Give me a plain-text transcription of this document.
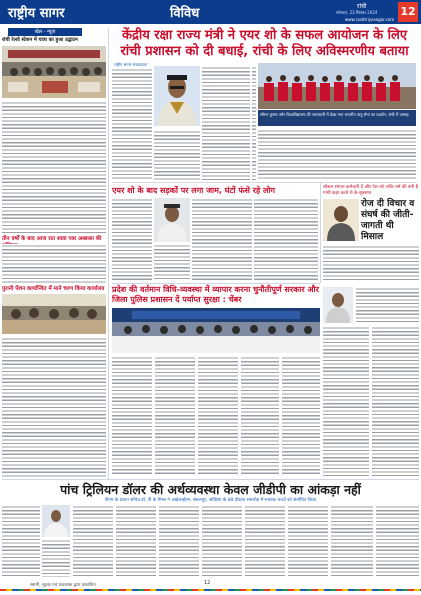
राष्ट्रीय सागर	विविध	रांची
सोमवार, 23 सितंबर 2024
www.rashtriyasagar.com
12
खेल - न्यूज़
रांची रेलवे स्टेशन में यात्रा का हुआ उद्घाटन
तीन वर्षों के बाद आज रात शावा पत्रा अब्बासा की
पुरानी पेंशन कार्यान्वित में माने चरण किया कार्यालय
केंद्रीय रक्षा राज्य मंत्री ने एयर शो के सफल आयोजन के लिए रांची प्रशासन को दी बधाई, रांची के लिए अविस्मरणीय बताया
राष्ट्रीय सागर संवाददाता
सौरभ कुमार उमेर विश्वविद्यालय की जानकारी में देखा गया भारतीय वायु सेना का प्रदर्शन, रांची में उत्साह
एयर शो के बाद सड़कों पर लगा जाम, घंटों फंसे रहे लोग	सोशल संगत्ता कर्मचारी दें और देश को ताकि धर्म की बनी है गांधी कहा करते थे के सूत्रसात
रोज दी विचार व संघर्ष की जीती-जागती थी मिसाल
प्रदेश की वर्तमान विधि-व्यवस्था में व्यापार करना चुनौतीपूर्ण सरकार और जिला पुलिस प्रशासन दें पर्याप्त सुरक्षा : चेंबर
पांच ट्रिलियन डॉलर की अर्थव्यवस्था केवल जीडीपी का आंकड़ा नहीं
पीएम के प्रधान सचिव डॉ. पी के मिश्रा ने आईआईएम, संबलपुर, ओडिशा के छठे दीक्षांत समारोह में स्नातक बच्चों को संबोधित किया
स्वामी, मुद्रक एवं प्रकाशक द्वारा प्रकाशित	12
